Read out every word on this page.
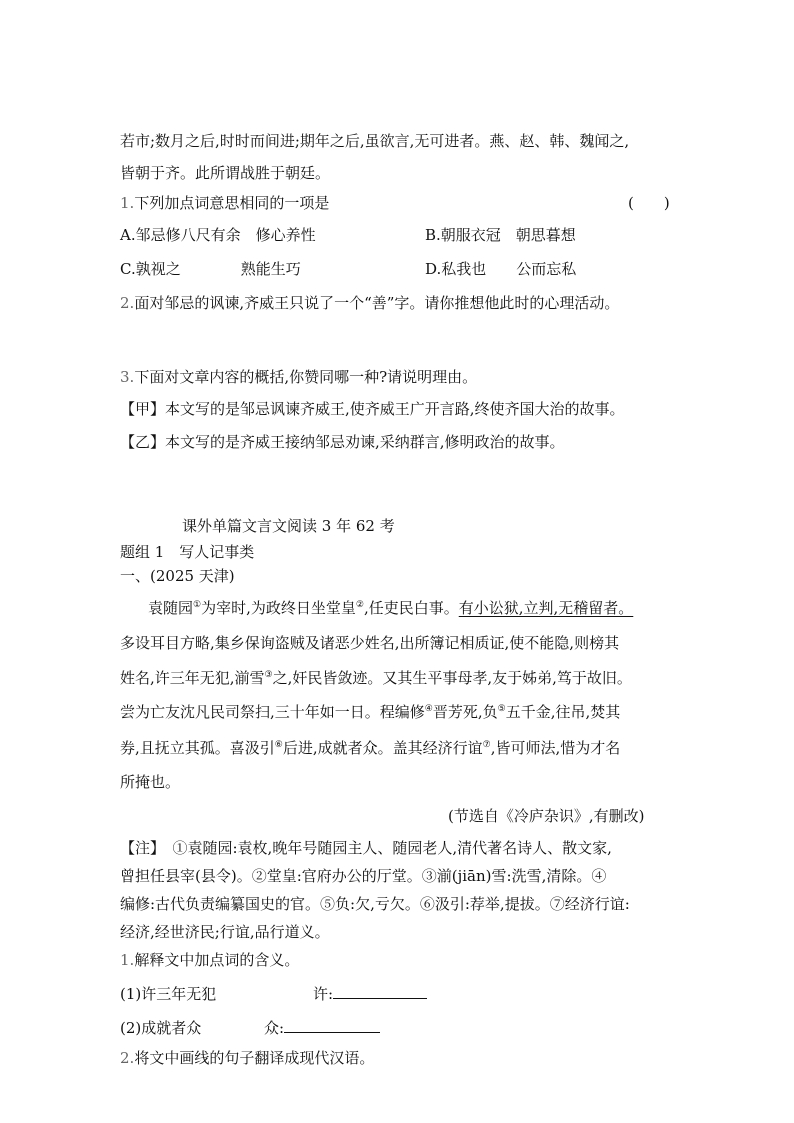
若市;数月之后,时时而间进;期年之后,虽欲言,无可进者。燕、赵、韩、魏闻之,
皆朝于齐。此所谓战胜于朝廷。
1.下列加点词意思相同的一项是	(　　)
A.邹忌修八尺有余　修心养性	B.朝服衣冠　朝思暮想
C.孰视之　　　　熟能生巧	D.私我也　　公而忘私
2.面对邹忌的讽谏,齐威王只说了一个“善”字。请你推想他此时的心理活动。
3.下面对文章内容的概括,你赞同哪一种?请说明理由。
【甲】本文写的是邹忌讽谏齐威王,使齐威王广开言路,终使齐国大治的故事。
【乙】本文写的是齐威王接纳邹忌劝谏,采纳群言,修明政治的故事。
课外单篇文言文阅读 3 年 62 考
题组 1　写人记事类
一、(2025 天津)
袁随园①为宰时,为政终日坐堂皇②,任吏民白事。有小讼狱,立判,无稽留者。
多设耳目方略,集乡保询盗贼及诸恶少姓名,出所簿记相质证,使不能隐,则榜其
姓名,许三年无犯,湔雪③之,奸民皆敛迹。又其生平事母孝,友于姊弟,笃于故旧。
尝为亡友沈凡民司祭扫,三十年如一日。程编修④晋芳死,负⑤五千金,往吊,焚其
券,且抚立其孤。喜汲引⑥后进,成就者众。盖其经济行谊⑦,皆可师法,惜为才名
所掩也。
(节选自《冷庐杂识》,有删改)
【注】　①袁随园:袁枚,晚年号随园主人、随园老人,清代著名诗人、散文家,
曾担任县宰(县令)。②堂皇:官府办公的厅堂。③湔(jiān)雪:洗雪,清除。④
编修:古代负责编纂国史的官。⑤负:欠,亏欠。⑥汲引:荐举,提拔。⑦经济行谊:
经济,经世济民;行谊,品行道义。
1.解释文中加点词的含义。
(1)许三年无犯	许:
(2)成就者众	众:
2.将文中画线的句子翻译成现代汉语。
